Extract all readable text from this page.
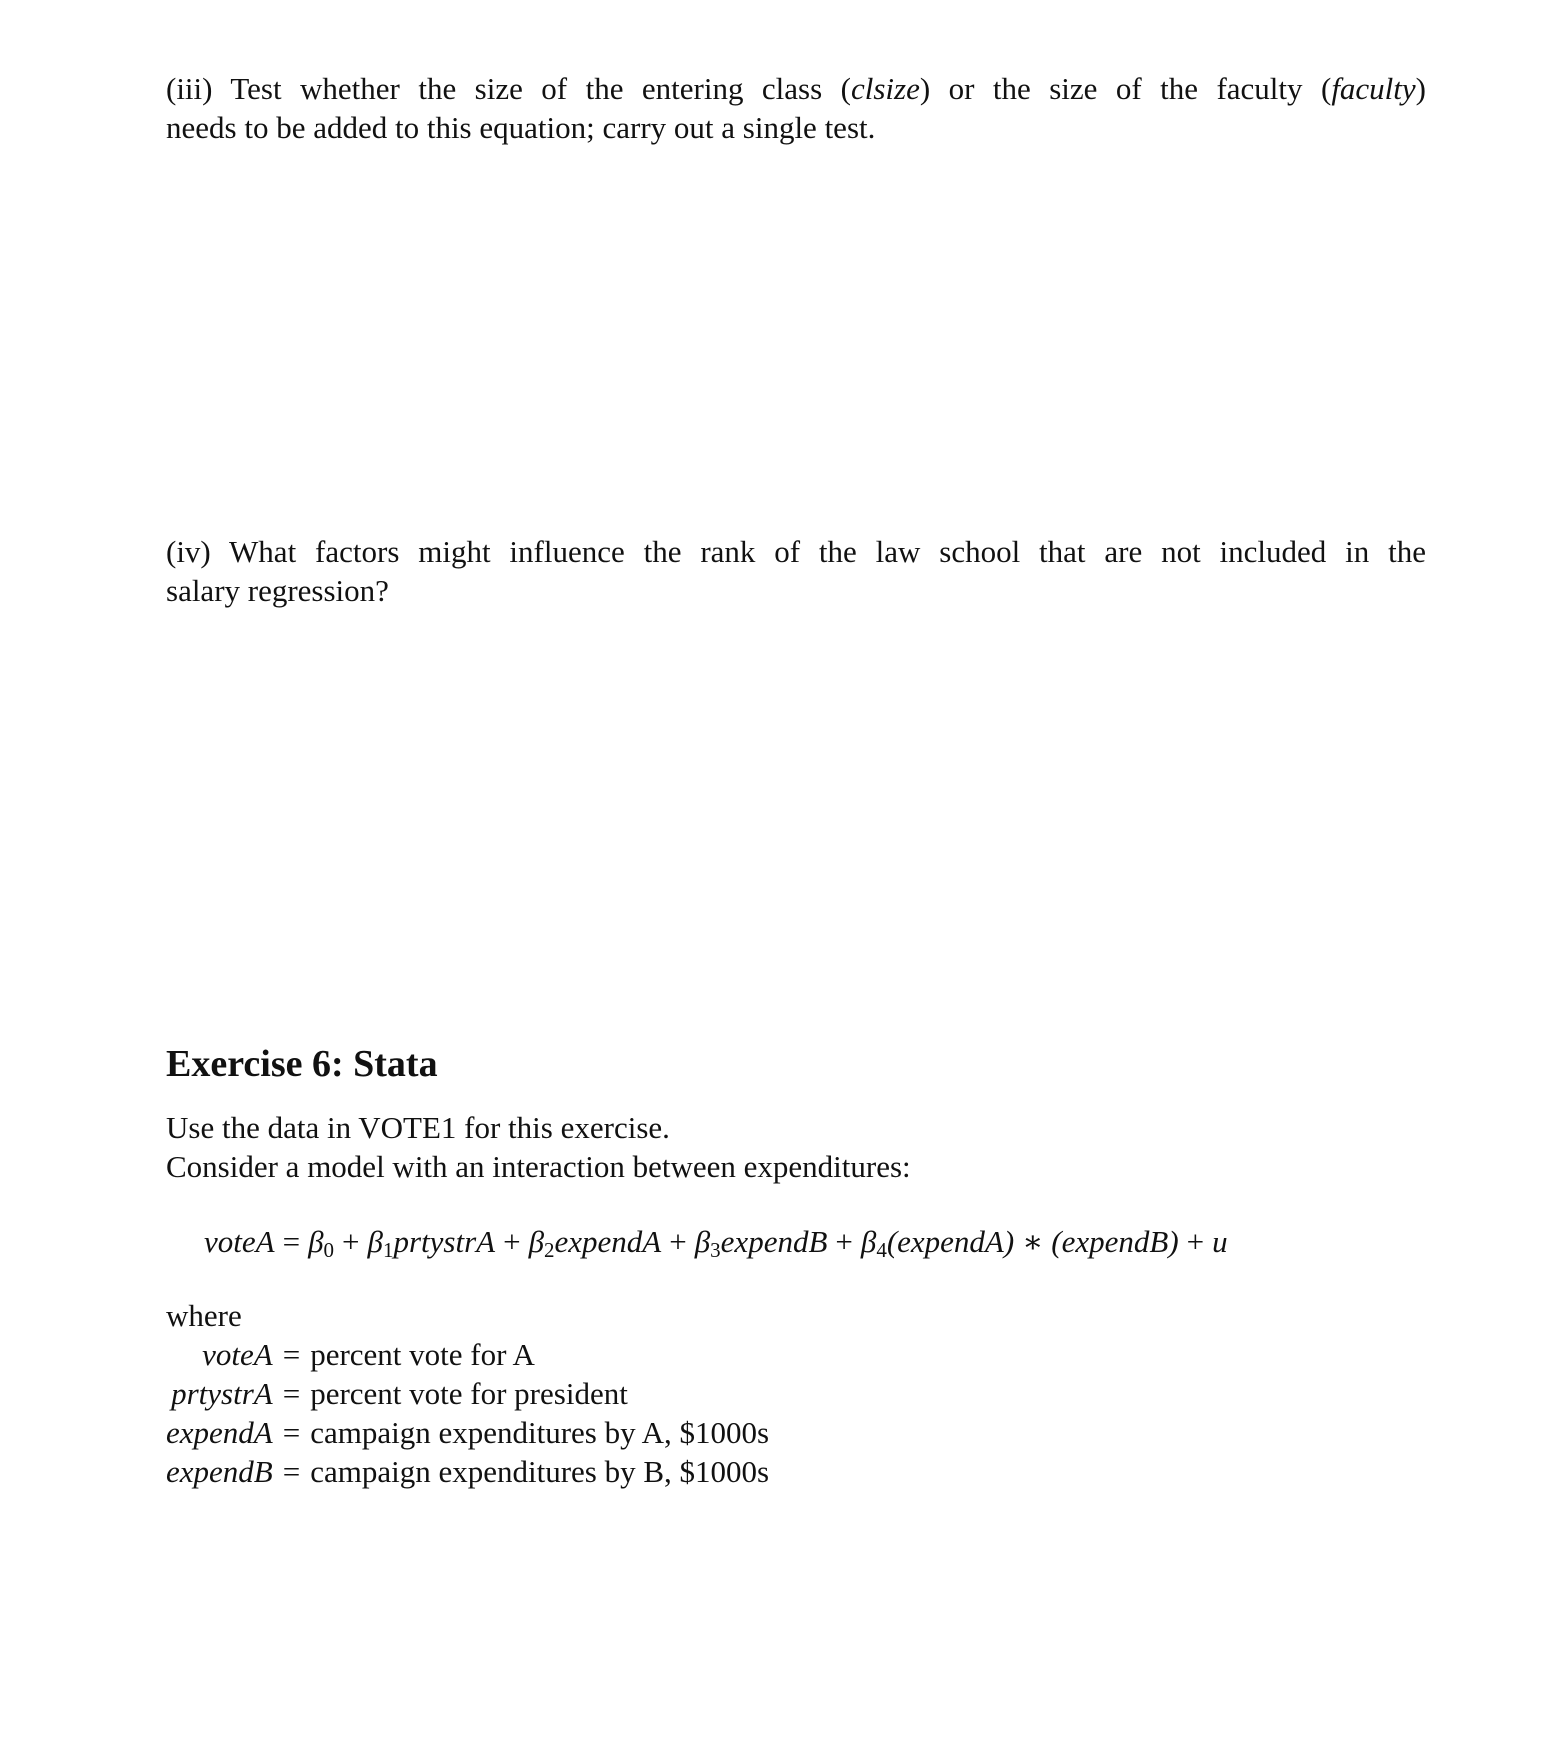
(iii) Test whether the size of the entering class (clsize) or the size of the faculty (faculty)
needs to be added to this equation; carry out a single test.

(iv) What factors might influence the rank of the law school that are not included in the
salary regression?

Exercise 6: Stata

Use the data in VOTE1 for this exercise.
Consider a model with an interaction between expenditures:

voteA = $\beta_0$ + $\beta_1prtystrA$ + $\beta_2expendA$ + $\beta_3expendB$ + $\beta_4(expendA)$ ∗ (expendB) + u
where
voteA	=	percent vote for A
prtystrA	=	percent vote for president
expendA	=	campaign expenditures by A, $1000s
expendB	=	campaign expenditures by B, $1000s
